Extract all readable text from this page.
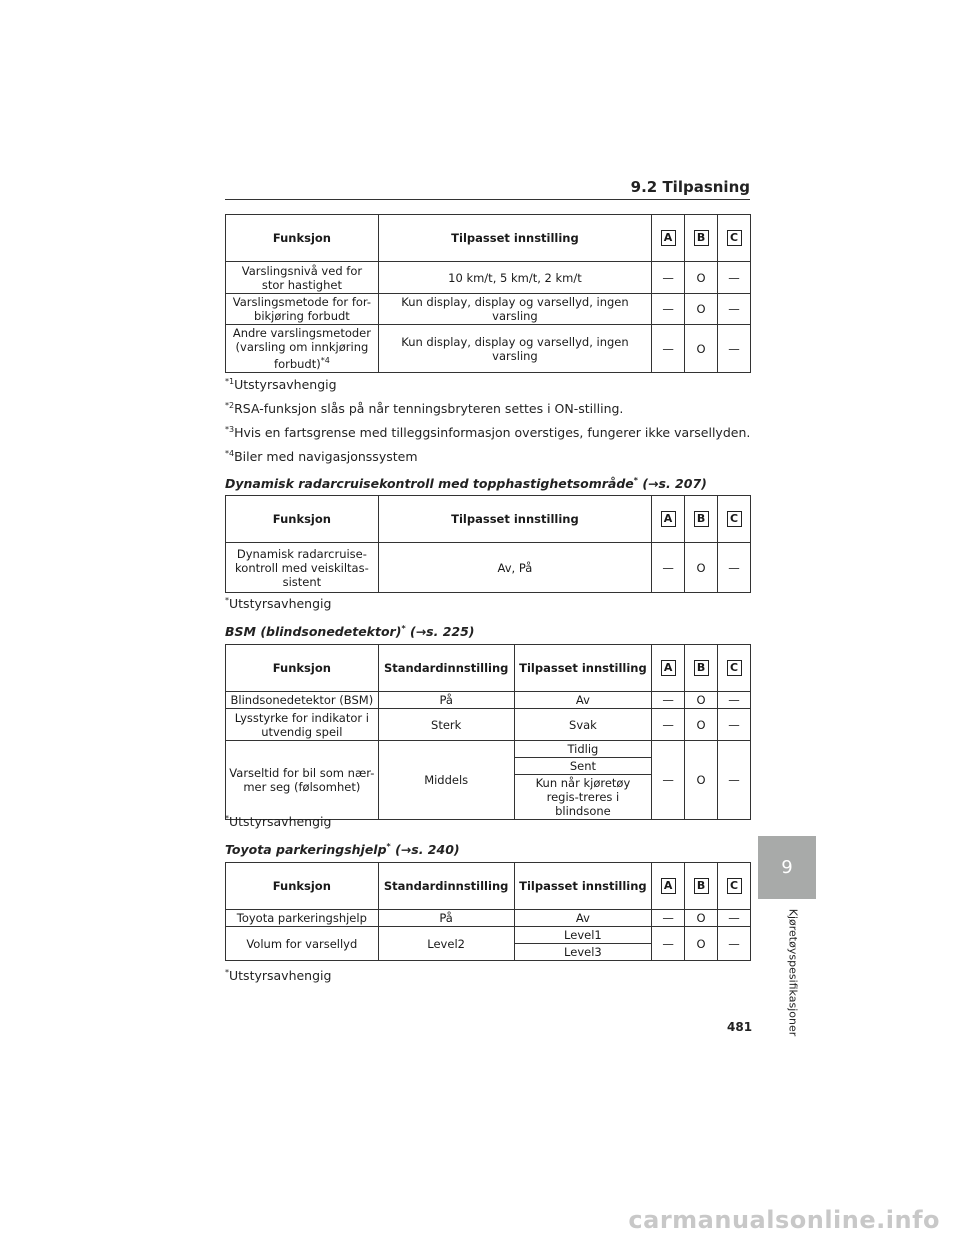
9.2 Tilpasning
Funksjon	Tilpasset innstilling	A	B	C
Varslingsnivå ved for stor hastighet	10 km/t, 5 km/t, 2 km/t	—	O	—
Varslingsmetode for for-bikjøring forbudt	Kun display, display og varsellyd, ingen varsling	—	O	—
Andre varslingsmetoder (varsling om innkjøring forbudt)$^{*4}$	Kun display, display og varsellyd, ingen varsling	—	O	—
$^{*1}$Utstyrsavhengig
$^{*2}$RSA-funksjon slås på når tenningsbryteren settes i ON-stilling.
$^{*3}$Hvis en fartsgrense med tilleggsinformasjon overstiges, fungerer ikke varsellyden.
$^{*4}$Biler med navigasjonssystem
Dynamisk radarcruisekontroll med topphastighetsområde* (→s. 207)
Funksjon	Tilpasset innstilling	A	B	C
Dynamisk radarcruise-kontroll med veiskiltas-sistent	Av, På	—	O	—
*Utstyrsavhengig
BSM (blindsonedetektor)* (→s. 225)
Funksjon	Standardinnstilling	Tilpasset innstilling	A	B	C
Blindsonedetektor (BSM)	På	Av	—	O	—
Lysstyrke for indikator i utvendig speil	Sterk	Svak	—	O	—
Varseltid for bil som nær-mer seg (følsomhet)	Middels	Tidlig	—	O	—
		Sent			
		Kun når kjøretøy regis-treres i blindsone			
*Utstyrsavhengig
Toyota parkeringshjelp* (→s. 240)
Funksjon	Standardinnstilling	Tilpasset innstilling	A	B	C
Toyota parkeringshjelp	På	Av	—	O	—
Volum for varsellyd	Level2	Level1	—	O	—
		Level3			
*Utstyrsavhengig
9
Kjøretøyspesifikasjoner
481
carmanualsonline.info
